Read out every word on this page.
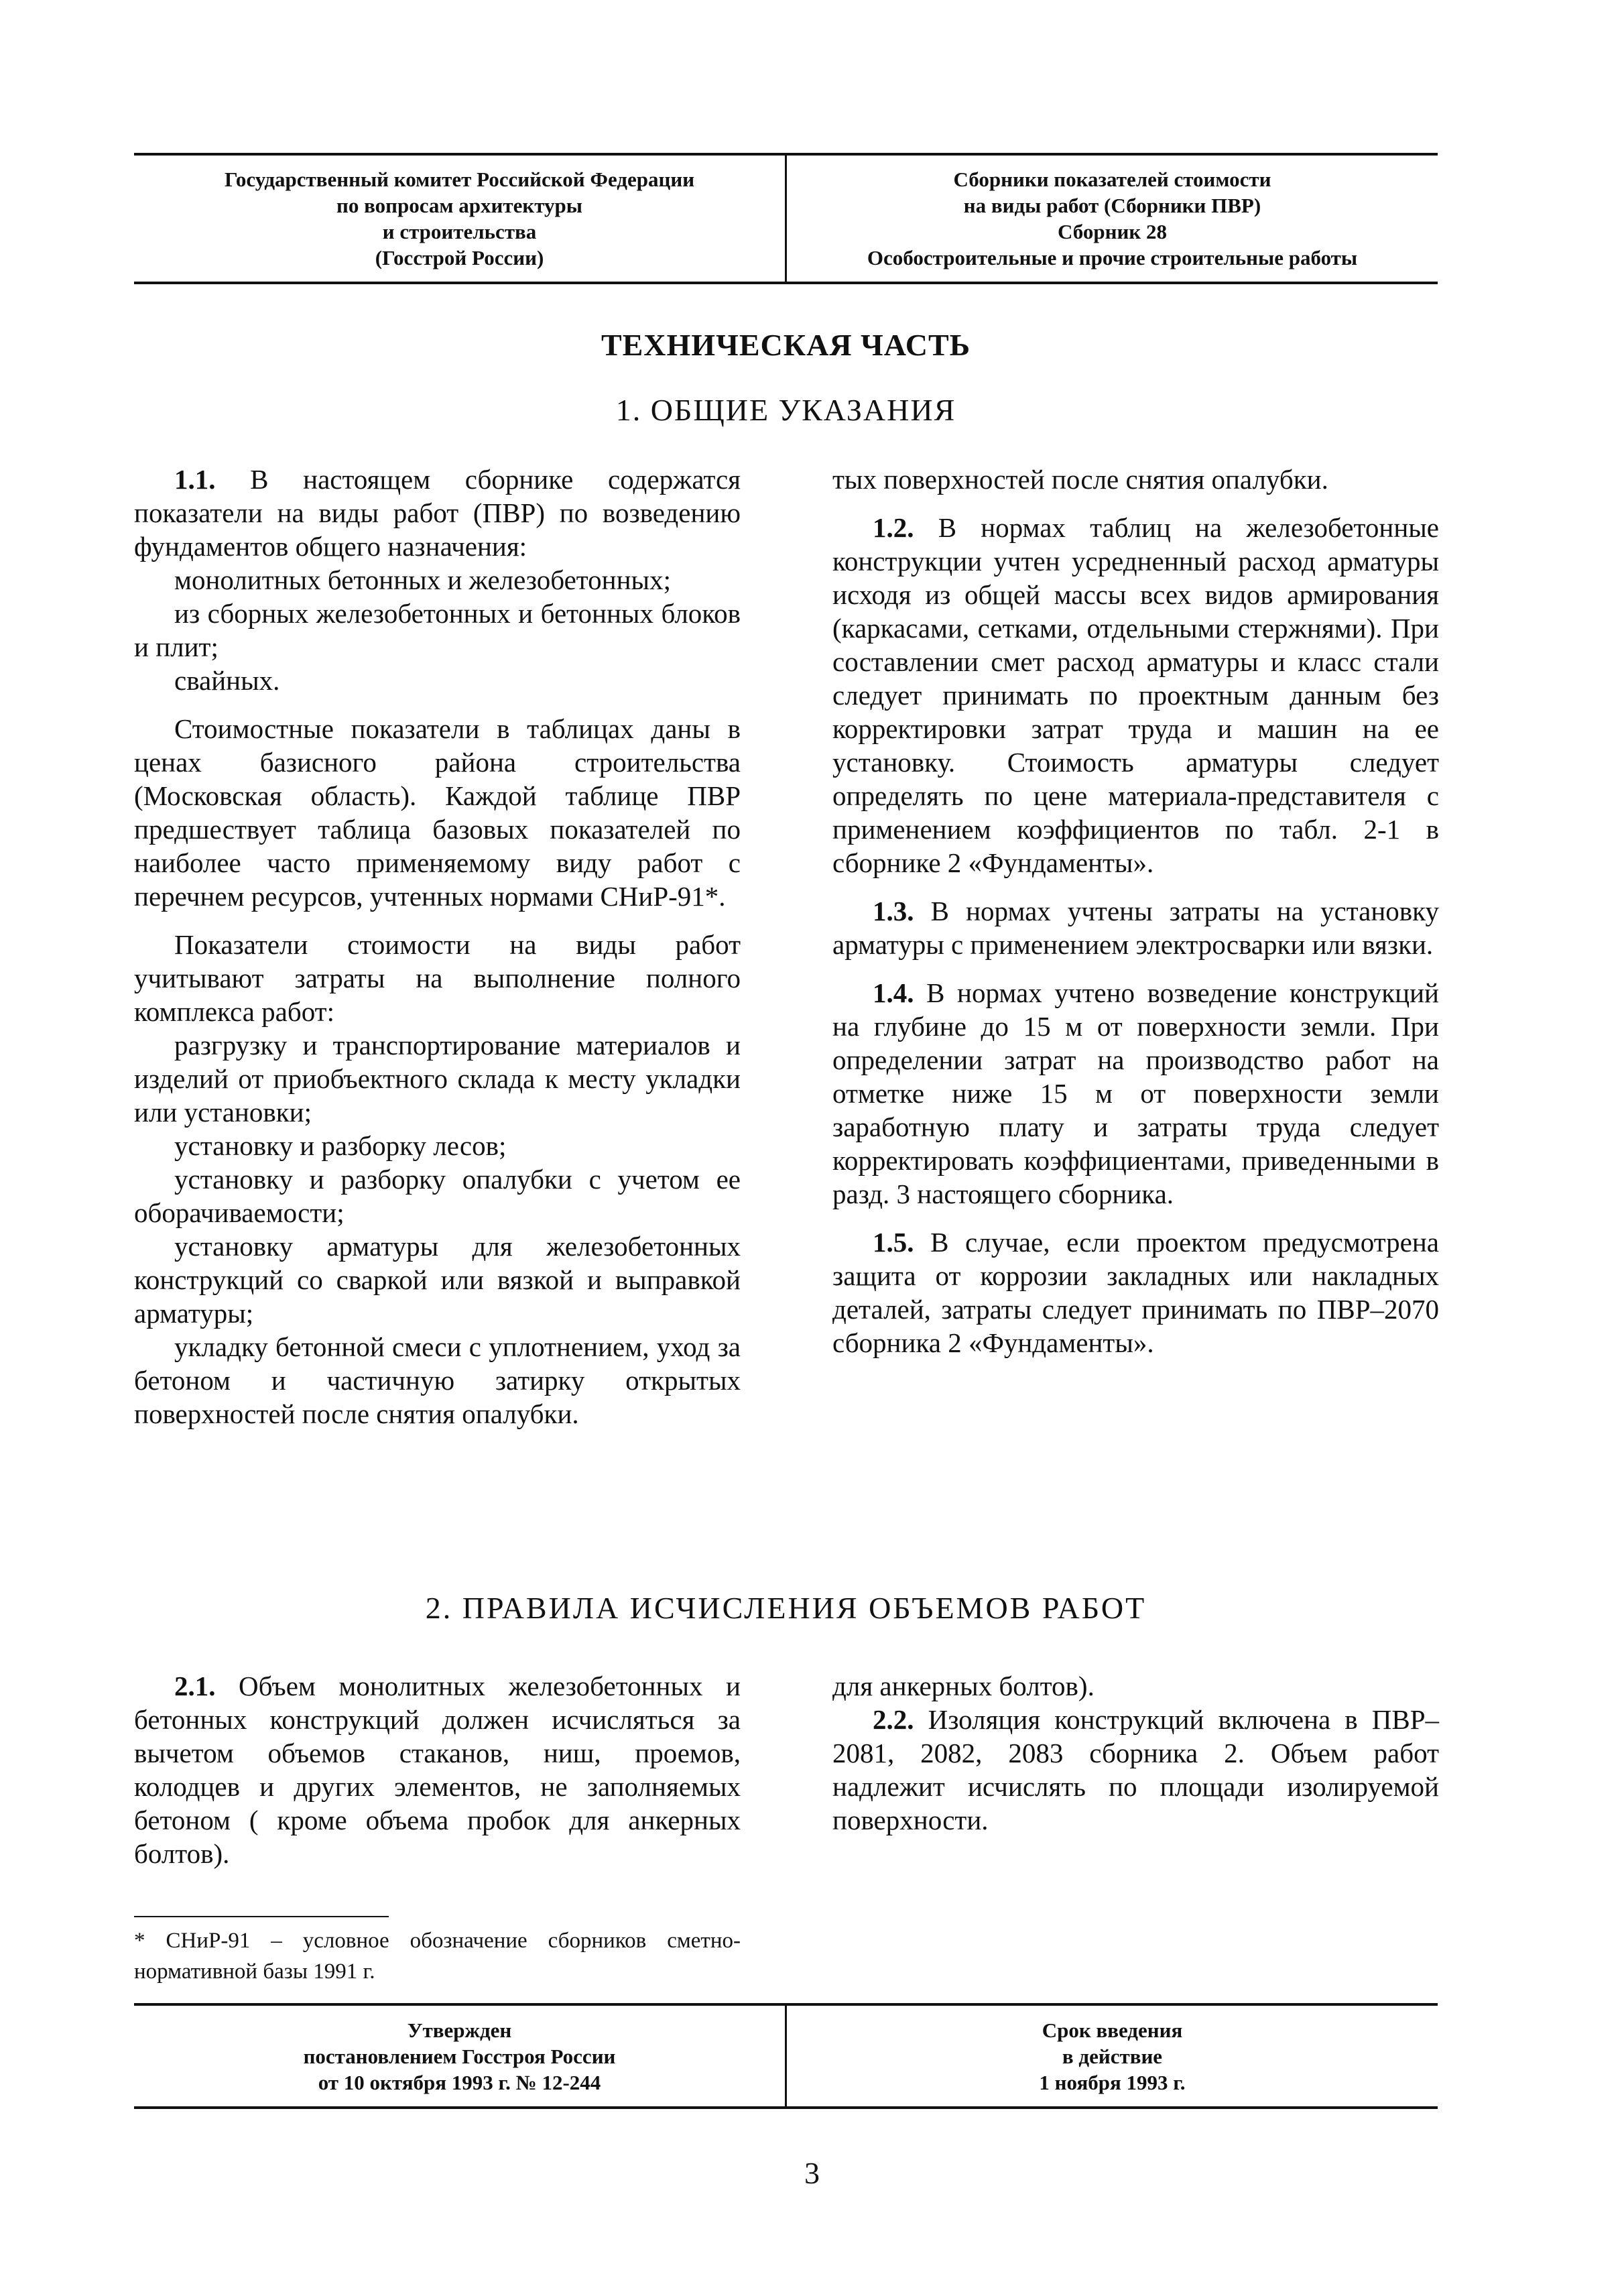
Государственный комитет Российской Федерации
по вопросам архитектуры
и строительства
(Госстрой России)
Сборники показателей стоимости
на виды работ (Сборники ПВР)
Сборник 28
Особостроительные и прочие строительные работы
ТЕХНИЧЕСКАЯ ЧАСТЬ
1. ОБЩИЕ УКАЗАНИЯ

1.1. В настоящем сборнике содержатся показатели на виды работ (ПВР) по возведению фундаментов общего назначения:

монолитных бетонных и железобетонных;

из сборных железобетонных и бетонных блоков и плит;

свайных.

Стоимостные показатели в таблицах даны в ценах базисного района строительства (Московская область). Каждой таблице ПВР предшествует таблица базовых показателей по наиболее часто применяемому виду работ с перечнем ресурсов, учтенных нормами СНиР-91*.

Показатели стоимости на виды работ учитывают затраты на выполнение полного комплекса работ:

разгрузку и транспортирование материалов и изделий от приобъектного склада к месту укладки или установки;

установку и разборку лесов;

установку и разборку опалубки с учетом ее оборачиваемости;

установку арматуры для железобетонных конструкций со сваркой или вязкой и выправкой арматуры;

укладку бетонной смеси с уплотнением, уход за бетоном и частичную затирку открытых поверхностей после снятия опалубки.

тых поверхностей после снятия опалубки.

1.2. В нормах таблиц на железобетонные конструкции учтен усредненный расход арматуры исходя из общей массы всех видов армирования (каркасами, сетками, отдельными стержнями). При составлении смет расход арматуры и класс стали следует принимать по проектным данным без корректировки затрат труда и машин на ее установку. Стоимость арматуры следует определять по цене материала-представителя с применением коэффициентов по табл. 2-1 в сборнике 2 «Фундаменты».

1.3. В нормах учтены затраты на установку арматуры с применением электросварки или вязки.

1.4. В нормах учтено возведение конструкций на глубине до 15 м от поверхности земли. При определении затрат на производство работ на отметке ниже 15 м от поверхности земли заработную плату и затраты труда следует корректировать коэффициентами, приведенными в разд. 3 настоящего сборника.

1.5. В случае, если проектом предусмотрена защита от коррозии закладных или накладных деталей, затраты следует принимать по ПВР–2070 сборника 2 «Фундаменты».

2. ПРАВИЛА ИСЧИСЛЕНИЯ ОБЪЕМОВ РАБОТ

2.1. Объем монолитных железобетонных и бетонных конструкций должен исчисляться за вычетом объемов стаканов, ниш, проемов, колодцев и других элементов, не заполняемых бетоном ( кроме объема пробок для анкерных болтов).

для анкерных болтов).

2.2. Изоляция конструкций включена в ПВР–2081, 2082, 2083 сборника 2. Объем работ надлежит исчислять по площади изолируемой поверхности.

* СНиР-91 – условное обозначение сборников сметно-нормативной базы 1991 г.
Утвержден
постановлением Госстроя России
от 10 октября 1993 г. № 12-244
Срок введения
в действие
1 ноября 1993 г.
3
